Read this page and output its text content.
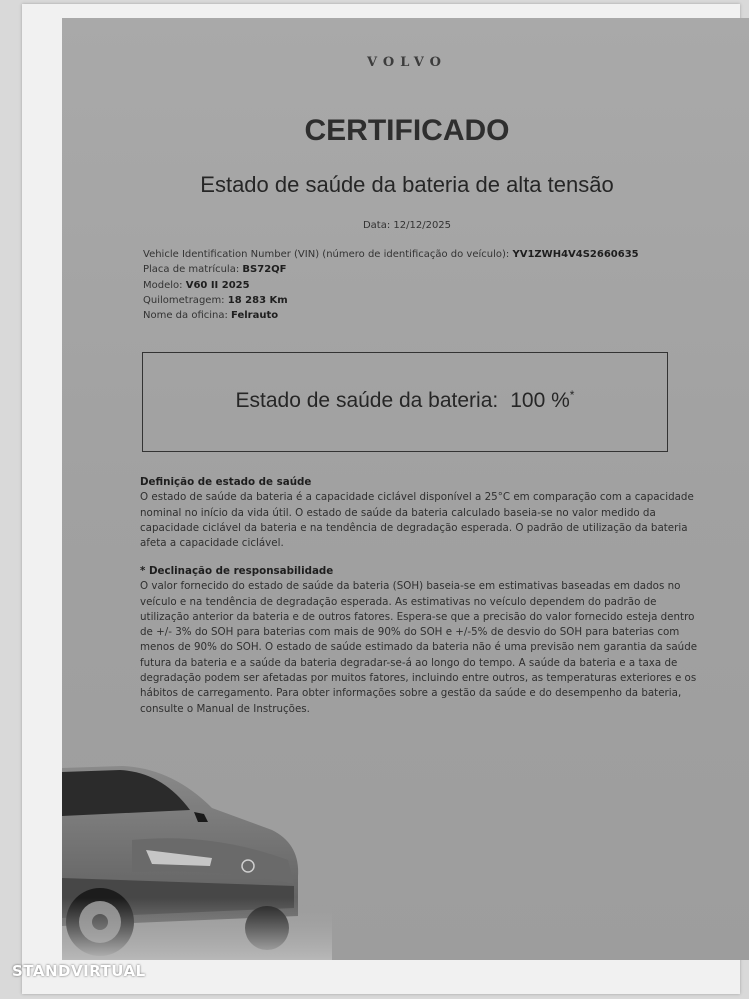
VOLVO
CERTIFICADO
Estado de saúde da bateria de alta tensão
Data: 12/12/2025
Vehicle Identification Number (VIN) (número de identificação do veículo): YV1ZWH4V4S2660635
Placa de matrícula: BS72QF
Modelo: V60 II 2025
Quilometragem: 18 283 Km
Nome da oficina: Felrauto
Estado de saúde da bateria: 100 %*
Definição de estado de saúde
O estado de saúde da bateria é a capacidade ciclável disponível a 25°C em comparação com a capacidade nominal no início da vida útil. O estado de saúde da bateria calculado baseia-se no valor medido da capacidade ciclável da bateria e na tendência de degradação esperada. O padrão de utilização da bateria afeta a capacidade ciclável.
* Declinação de responsabilidade
O valor fornecido do estado de saúde da bateria (SOH) baseia-se em estimativas baseadas em dados no veículo e na tendência de degradação esperada. As estimativas no veículo dependem do padrão de utilização anterior da bateria e de outros fatores. Espera-se que a precisão do valor fornecido esteja dentro de +/- 3% do SOH para baterias com mais de 90% do SOH e +/-5% de desvio do SOH para baterias com menos de 90% do SOH. O estado de saúde estimado da bateria não é uma previsão nem garantia da saúde futura da bateria e a saúde da bateria degradar-se-á ao longo do tempo. A saúde da bateria e a taxa de degradação podem ser afetadas por muitos fatores, incluindo entre outros, as temperaturas exteriores e os hábitos de carregamento. Para obter informações sobre a gestão da saúde e do desempenho da bateria, consulte o Manual de Instruções.
STANDVIRTUAL
